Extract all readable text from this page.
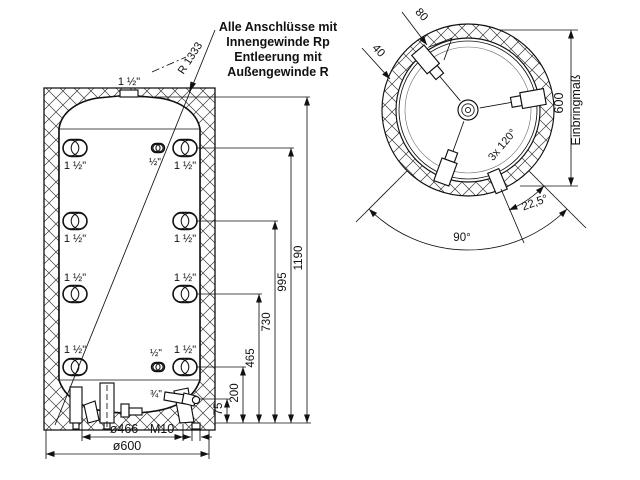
1 ½"
1 ½"	½" 1 ½"
1 ½"	1 ½"
1 ½"	1 ½"
1 ½"	½" 1 ½"
¾"
R 1333
75
200
465
730
995
1190
ø466 M10
ø600
Alle Anschlüsse mit
Innengewinde Rp
Entleerung mit
Außengewinde R
80
40
600 Einbringmaß
3x 120°
22,5°
90°
